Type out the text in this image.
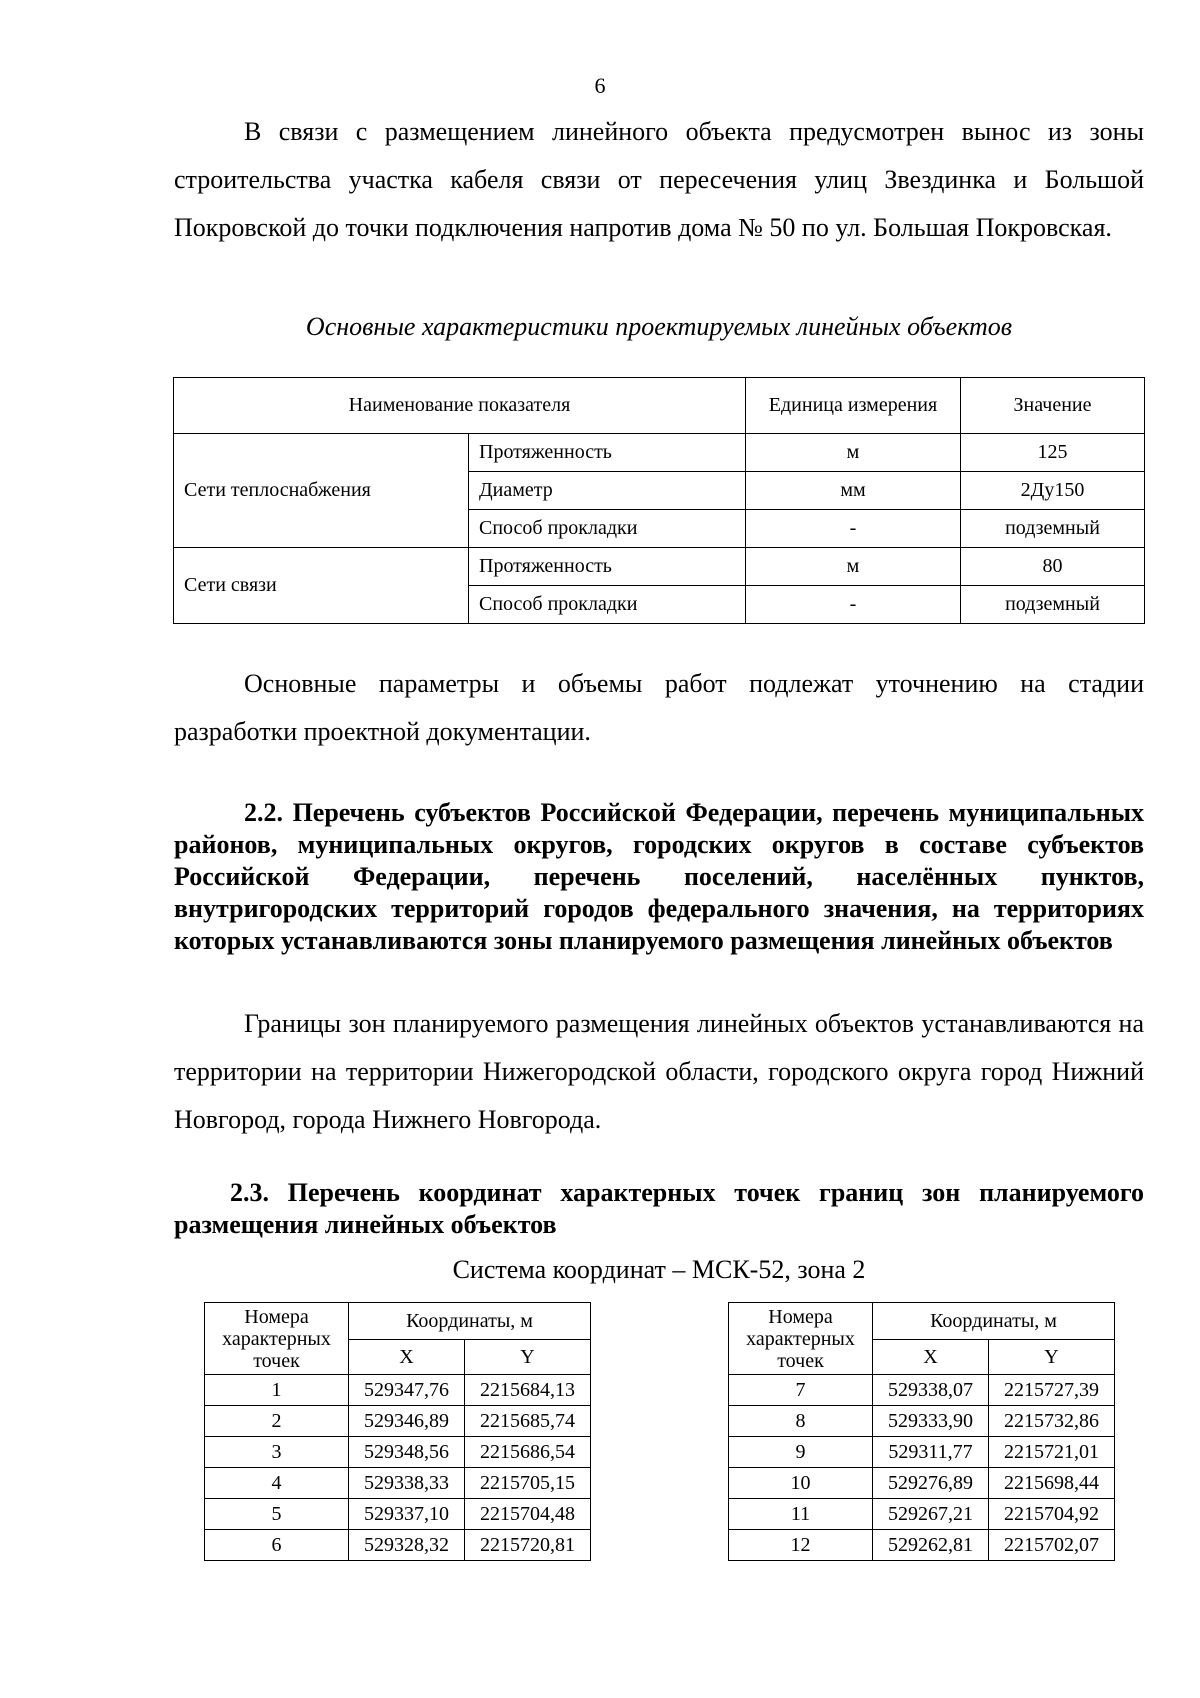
6

В связи с размещением линейного объекта предусмотрен вынос из зоны строительства участка кабеля связи от пересечения улиц Звездинка и Большой Покровской до точки подключения напротив дома № 50 по ул. Большая Покровская.

Основные характеристики проектируемых линейных объектов
Наименование показателя		Единица измерения	Значение
Сети теплоснабжения	Протяженность	м	125
	Диаметр	мм	2Ду150
	Способ прокладки	-	подземный
Сети связи	Протяженность	м	80
	Способ прокладки	-	подземный

Основные параметры и объемы работ подлежат уточнению на стадии разработки проектной документации.

2.2. Перечень субъектов Российской Федерации, перечень муниципальных районов, муниципальных округов, городских округов в составе субъектов Российской Федерации, перечень поселений, населённых пунктов, внутригородских территорий городов федерального значения, на территориях которых устанавливаются зоны планируемого размещения линейных объектов

Границы зон планируемого размещения линейных объектов устанавливаются на территории на территории Нижегородской области, городского округа город Нижний Новгород, города Нижнего Новгорода.

2.3. Перечень координат характерных точек границ зон планируемого размещения линейных объектов

Система координат – МСК-52, зона 2
Номера характерных точек	Координаты, м	
	X	Y
1	529347,76	2215684,13
2	529346,89	2215685,74
3	529348,56	2215686,54
4	529338,33	2215705,15
5	529337,10	2215704,48
6	529328,32	2215720,81
Номера характерных точек	Координаты, м	
	X	Y
7	529338,07	2215727,39
8	529333,90	2215732,86
9	529311,77	2215721,01
10	529276,89	2215698,44
11	529267,21	2215704,92
12	529262,81	2215702,07
